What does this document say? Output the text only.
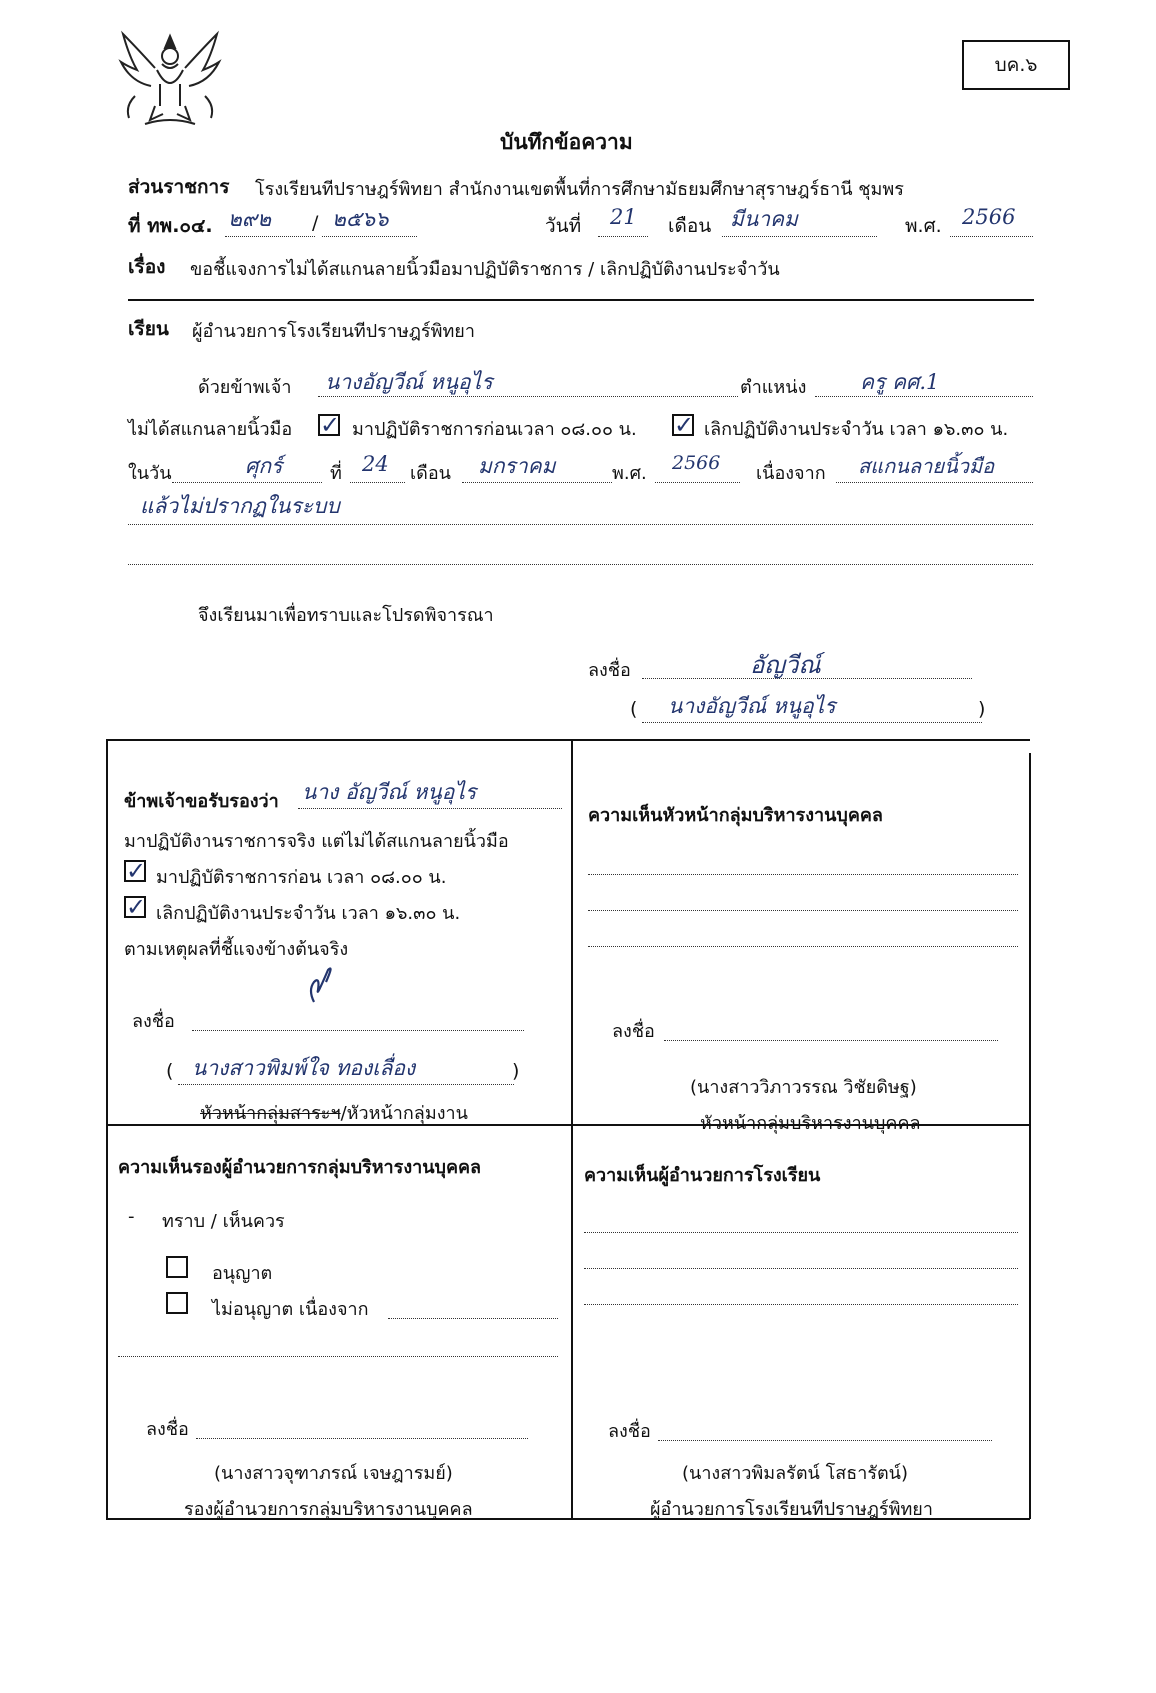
บค.๖
บันทึกข้อความ
ส่วนราชการ โรงเรียนทีปราษฎร์พิทยา สำนักงานเขตพื้นที่การศึกษามัธยมศึกษาสุราษฎร์ธานี ชุมพร
ที่ ทพ.๐๔. ๒๙๒ / ๒๕๖๖	วันที่ 21 เดือน มีนาคม	พ.ศ. 2566
เรื่อง ขอชี้แจงการไม่ได้สแกนลายนิ้วมือมาปฏิบัติราชการ / เลิกปฏิบัติงานประจำวัน
เรียน ผู้อำนวยการโรงเรียนทีปราษฎร์พิทยา
ด้วยข้าพเจ้า นางอัญวีณ์ หนูอุไร	ตำแหน่ง	ครู คศ.1
ไม่ได้สแกนลายนิ้วมือ ✓ มาปฏิบัติราชการก่อนเวลา ๐๘.๐๐ น. ✓ เลิกปฏิบัติงานประจำวัน เวลา ๑๖.๓๐ น.
ในวัน	ศุกร์	ที่ 24 เดือน มกราคม	พ.ศ. 2566 เนื่องจาก สแกนลายนิ้วมือ
แล้วไม่ปรากฏในระบบ
จึงเรียนมาเพื่อทราบและโปรดพิจารณา
ลงชื่อ	อัญวีณ์
( นางอัญวีณ์ หนูอุไร	)
ข้าพเจ้าขอรับรองว่า นาง อัญวีณ์ หนูอุไร
มาปฏิบัติงานราชการจริง แต่ไม่ได้สแกนลายนิ้วมือ
✓ มาปฏิบัติราชการก่อน เวลา ๐๘.๐๐ น.
✓ เลิกปฏิบัติงานประจำวัน เวลา ๑๖.๓๐ น.
ตามเหตุผลที่ชี้แจงข้างต้นจริง
ลงชื่อ
( นางสาวพิมพ์ใจ ทองเลื่อง	)
หัวหน้ากลุ่มสาระฯ/หัวหน้ากลุ่มงาน
ความเห็นหัวหน้ากลุ่มบริหารงานบุคคล
ลงชื่อ
(นางสาววิภาวรรณ วิชัยดิษฐ)
หัวหน้ากลุ่มบริหารงานบุคคล
ความเห็นรองผู้อำนวยการกลุ่มบริหารงานบุคคล
- ทราบ / เห็นควร
อนุญาต
ไม่อนุญาต เนื่องจาก
ลงชื่อ
(นางสาวจุฑาภรณ์ เจษฎารมย์)
รองผู้อำนวยการกลุ่มบริหารงานบุคคล
ความเห็นผู้อำนวยการโรงเรียน
ลงชื่อ
(นางสาวพิมลรัตน์ โสธารัตน์)
ผู้อำนวยการโรงเรียนทีปราษฎร์พิทยา
